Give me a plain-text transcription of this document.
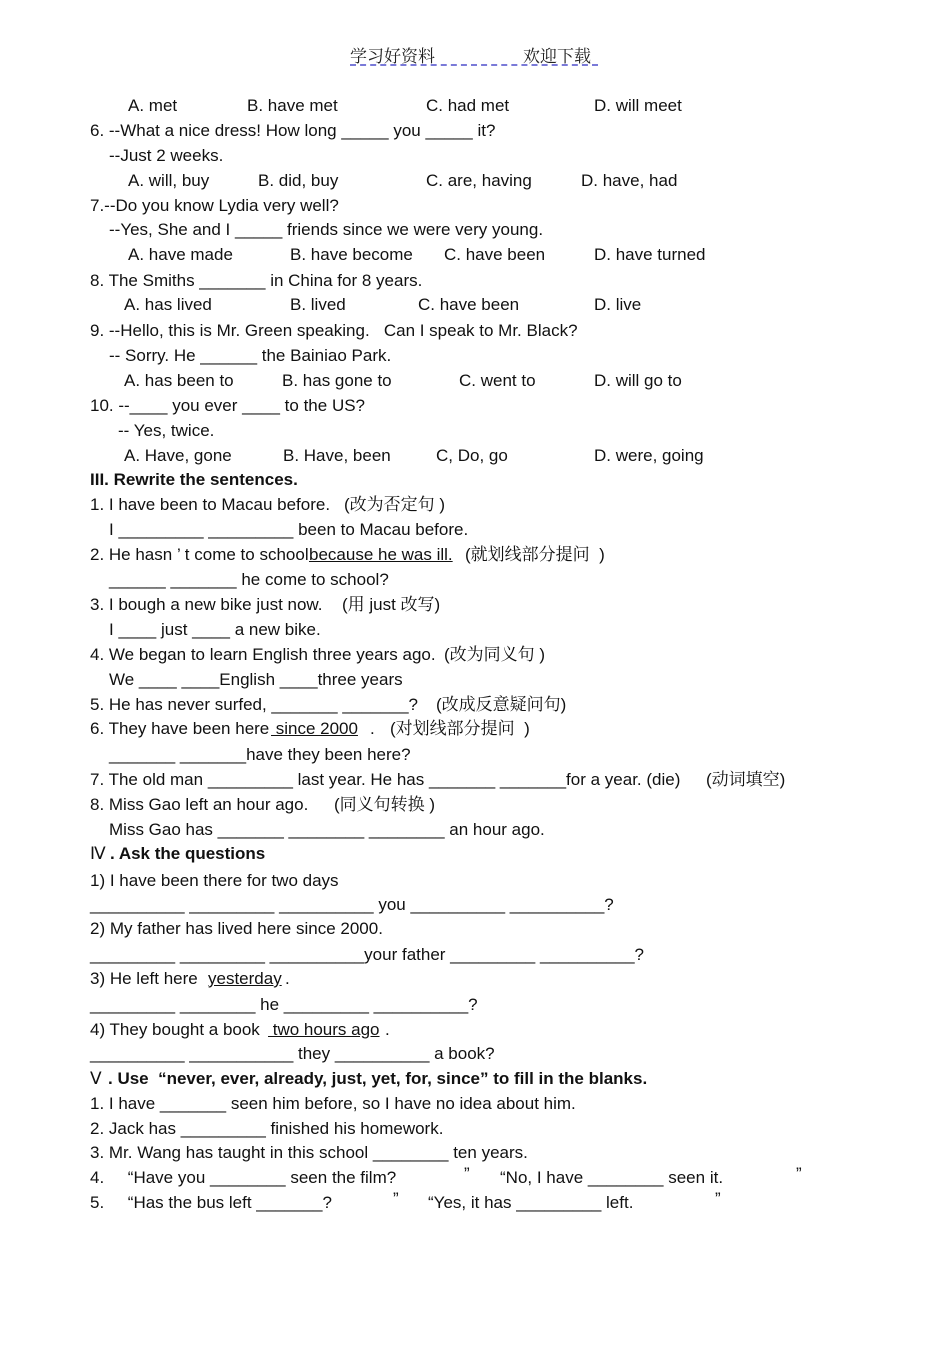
学习好资料	欢迎下载
A. met	B. have met	C. had met	D. will meet
6. --What a nice dress! How long _____ you _____ it?
--Just 2 weeks.
A. will, buy	B. did, buy	C. are, having	D. have, had
7.--Do you know Lydia very well?
--Yes, She and I _____ friends since we were very young.
A. have made	B. have become C. have been	D. have turned
8. The Smiths _______ in China for 8 years.
A. has lived	B. lived	C. have been	D. live
9. --Hello, this is Mr. Green speaking.   Can I speak to Mr. Black?
-- Sorry. He ______ the Bainiao Park.
A. has been to	B. has gone to	C. went to	D. will go to
10. --____ you ever ____ to the US?
-- Yes, twice.
A. Have, gone	B. Have, been	C, Do, go	D. were, going
III. Rewrite the sentences.
1. I have been to Macau before. (改为否定句 )
I _________ _________ been to Macau before.
2. He hasn ’ t come to school because he was ill. (就划线部分提问  )
______ _______ he come to school?
3. I bough a new bike just now. (用 just 改写)
I ____ just ____ a new bike.
4. We began to learn English three years ago. (改为同义句 )
We ____ ____English ____three years
5. He has never surfed, _______ _______? (改成反意疑问句)
6. They have been here since 2000 . (对划线部分提问  )
_______ _______have they been here?
7. The old man _________ last year. He has _______ _______for a year. (die) (动词填空)
8. Miss Gao left an hour ago. (同义句转换 )
Miss Gao has _______ ________ ________ an hour ago.
Ⅳ . Ask the questions
1) I have been there for two days
__________ _________ __________ you __________ __________?
2) My father has lived here since 2000.
_________ _________ __________your father _________ __________?
3) He left here yesterday .
_________ ________ he _________ __________?
4) They bought a book two hours ago .
__________ ___________ they __________ a book?
Ⅴ . Use  “never, ever, already, just, yet, for, since” to fill in the blanks.
1. I have _______ seen him before, so I have no idea about him.
2. Jack has _________ finished his homework.
3. Mr. Wang has taught in this school ________ ten years.
4.     “Have you ________ seen the film?	” “No, I have ________ seen it.	”
5.     “Has the bus left _______?	” “Yes, it has _________ left.	”
